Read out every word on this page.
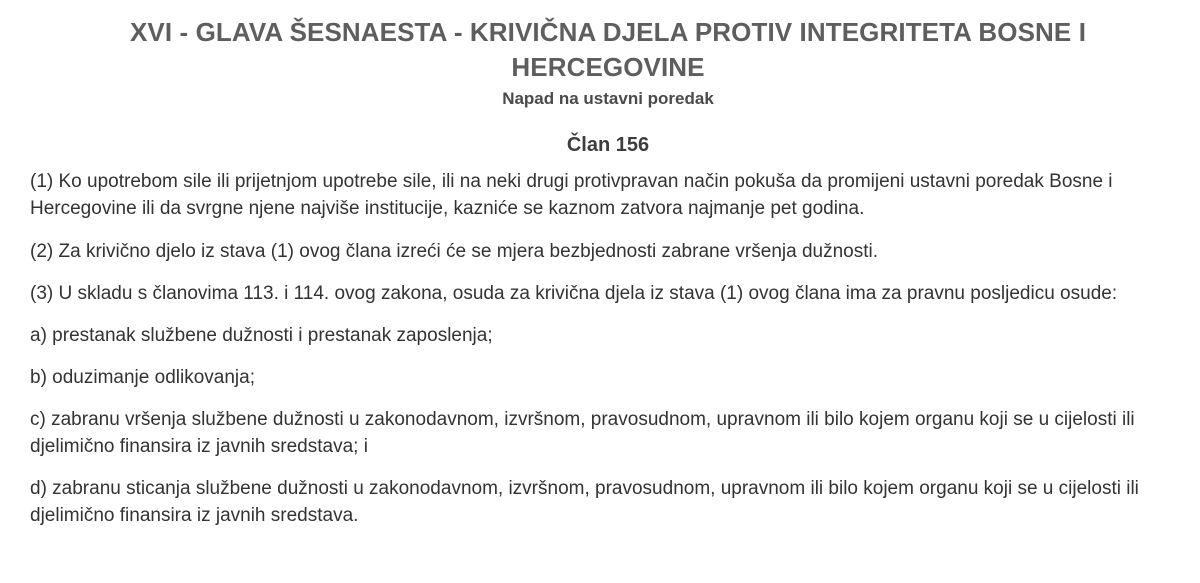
XVI - GLAVA ŠESNAESTA - KRIVIČNA DJELA PROTIV INTEGRITETA BOSNE I
HERCEGOVINE
Napad na ustavni poredak
Član 156

(1) Ko upotrebom sile ili prijetnjom upotrebe sile, ili na neki drugi protivpravan način pokuša da promijeni ustavni poredak Bosne i Hercegovine ili da svrgne njene najviše institucije, kazniće se kaznom zatvora najmanje pet godina.

(2) Za krivično djelo iz stava (1) ovog člana izreći će se mjera bezbjednosti zabrane vršenja dužnosti.

(3) U skladu s članovima 113. i 114. ovog zakona, osuda za krivična djela iz stava (1) ovog člana ima za pravnu posljedicu osude:

a) prestanak službene dužnosti i prestanak zaposlenja;

b) oduzimanje odlikovanja;

c) zabranu vršenja službene dužnosti u zakonodavnom, izvršnom, pravosudnom, upravnom ili bilo kojem organu koji se u cijelosti ili djelimično finansira iz javnih sredstava; i

d) zabranu sticanja službene dužnosti u zakonodavnom, izvršnom, pravosudnom, upravnom ili bilo kojem organu koji se u cijelosti ili djelimično finansira iz javnih sredstava.
